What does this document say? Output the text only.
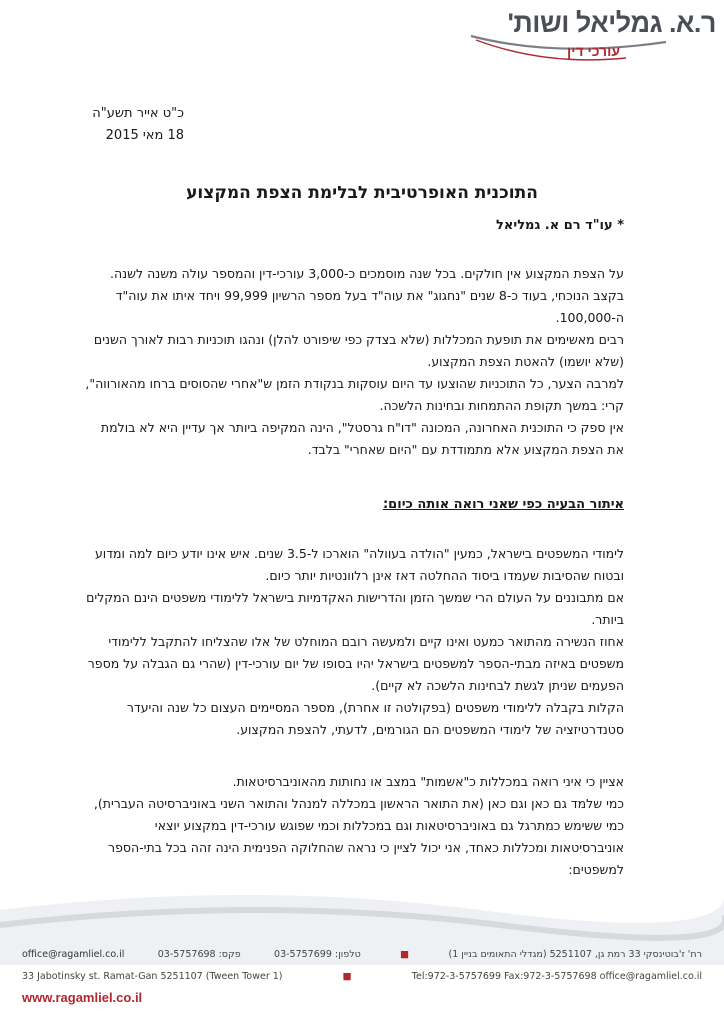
ר.א. גמליאל ושות'
עורכי דין
כ"ט אייר תשע"ה
18 מאי 2015
התוכנית האופרטיבית לבלימת הצפת המקצוע
* עו"ד רם א. גמליאל
על הצפת המקצוע אין חולקים. בכל שנה מוסמכים כ-3,000 עורכי-דין והמספר עולה משנה לשנה.
בקצב הנוכחי, בעוד כ-8 שנים "נחגוג" את עוה"ד בעל מספר הרשיון 99,999 ויחד איתו את עוה"ד ה-100,000.
רבים מאשימים את תופעת המכללות (שלא בצדק כפי שיפורט להלן) ונהגו תוכניות רבות לאורך השנים (שלא יושמו) להאטת הצפת המקצוע.
למרבה הצער, כל התוכניות שהוצעו עד היום עוסקות בנקודת הזמן ש"אחרי שהסוסים ברחו מהאורווה", קרי: במשך תקופת ההתמחות ובחינות הלשכה.
אין ספק כי התוכנית האחרונה, המכונה "דו"ח גרסטל", הינה המקיפה ביותר אך עדיין היא לא בולמת את הצפת המקצוע אלא מתמודדת עם "היום שאחרי" בלבד.
איתור הבעיה כפי שאני רואה אותה כיום:
לימודי המשפטים בישראל, כמעין "הולדה בעוולה" הוארכו ל-3.5 שנים. איש אינו יודע כיום למה ומדוע ובטוח שהסיבות שעמדו ביסוד ההחלטה דאז אינן רלוונטיות יותר כיום.
אם מתבוננים על העולם הרי שמשך הזמן והדרישות האקדמיות בישראל ללימודי משפטים הינם המקלים ביותר.
אחוז הנשירה מהתואר כמעט ואינו קיים ולמעשה רובם המוחלט של אלו שהצליחו להתקבל ללימודי משפטים באיזה מבתי-הספר למשפטים בישראל יהיו בסופו של יום עורכי-דין (שהרי גם הגבלה על מספר הפעמים שניתן לגשת לבחינות הלשכה לא קיים).
הקלות בקבלה ללימודי משפטים (בפקולטה זו אחרת), מספר המסיימים העצום כל שנה והיעדר סטנדרטיזציה של לימודי המשפטים הם הגורמים, לדעתי, להצפת המקצוע.
אציין כי איני רואה במכללות כ"אשמות" במצב או נחותות מהאוניברסיטאות.
כמי שלמד גם כאן וגם כאן (את התואר הראשון במכללה למנהל והתואר השני באוניברסיטה העברית), כמי ששימש כמתרגל גם באוניברסיטאות וגם במכללות וכמי שפוגש עורכי-דין במקצוע יוצאי אוניברסיטאות ומכללות כאחד, אני יכול לציין כי נראה שהחלוקה הפנימית הינה זהה בכל בתי-הספר למשפטים:
office@ragamliel.co.il	פקס: 03-5757698	טלפון: 03-5757699	■	רח' ז'בוטינסקי 33 רמת גן, 5251107 (מגדלי התאומים בניין 1)
33 Jabotinsky st. Ramat-Gan 5251107 (Tween Tower 1)	■	Tel:972-3-5757699 Fax:972-3-5757698 office@ragamliel.co.il
www.ragamliel.co.il
